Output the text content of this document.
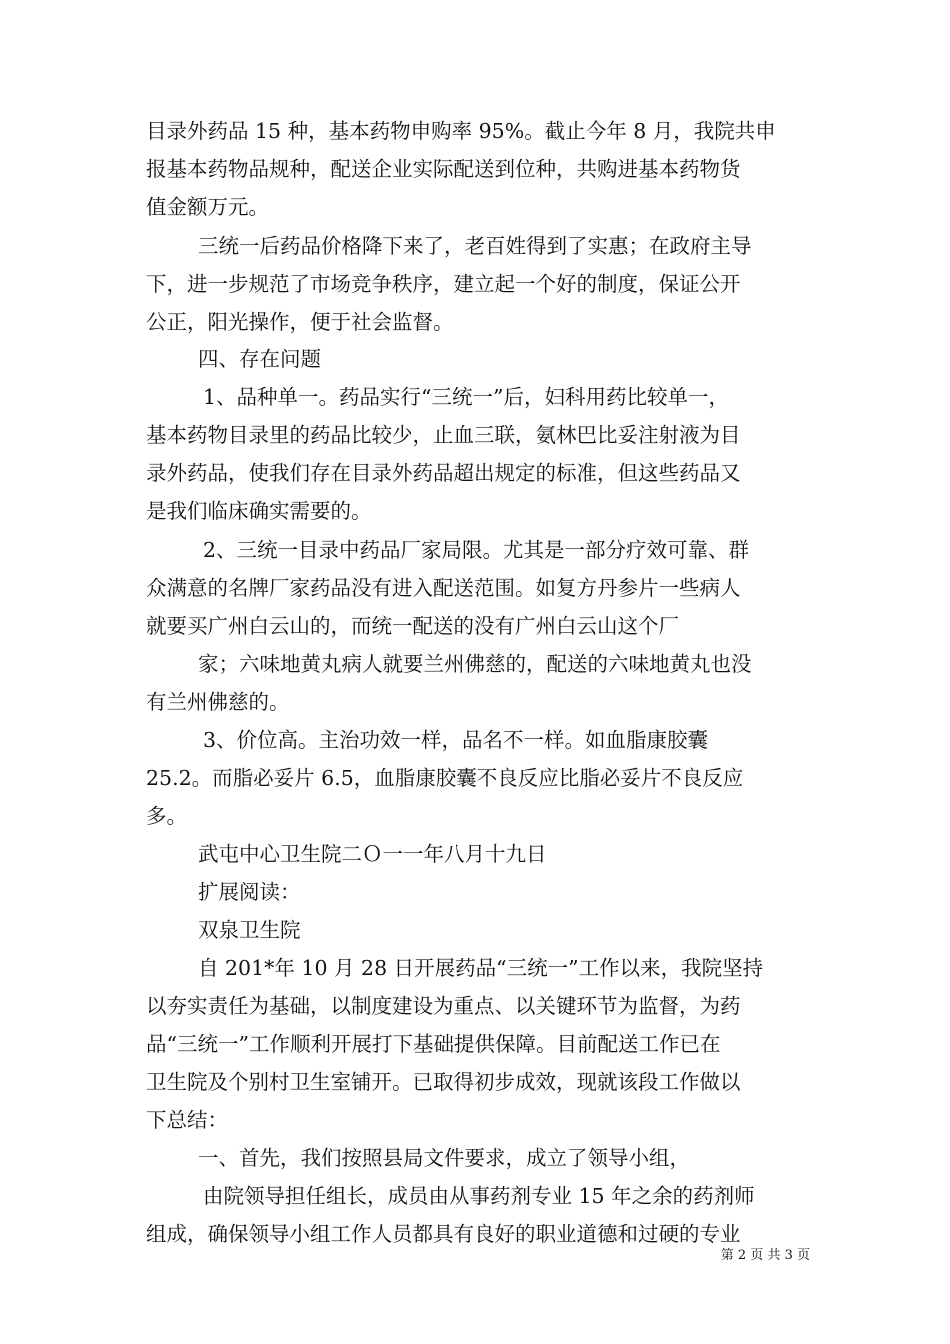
目录外药品 15 种，基本药物申购率 95%。截止今年 8 月，我院共申
报基本药物品规种，配送企业实际配送到位种，共购进基本药物货
值金额万元。
三统一后药品价格降下来了，老百姓得到了实惠；在政府主导
下，进一步规范了市场竞争秩序，建立起一个好的制度，保证公开
公正，阳光操作，便于社会监督。
四、存在问题
1、品种单一。药品实行“三统一”后，妇科用药比较单一，
基本药物目录里的药品比较少，止血三联，氨林巴比妥注射液为目
录外药品，使我们存在目录外药品超出规定的标准，但这些药品又
是我们临床确实需要的。
2、三统一目录中药品厂家局限。尤其是一部分疗效可靠、群
众满意的名牌厂家药品没有进入配送范围。如复方丹参片一些病人
就要买广州白云山的，而统一配送的没有广州白云山这个厂
家；六味地黄丸病人就要兰州佛慈的，配送的六味地黄丸也没
有兰州佛慈的。
3、价位高。主治功效一样，品名不一样。如血脂康胶囊
25.2。而脂必妥片 6.5，血脂康胶囊不良反应比脂必妥片不良反应
多。
武屯中心卫生院二Ｏ一一年八月十九日
扩展阅读：
双泉卫生院
自 201*年 10 月 28 日开展药品“三统一”工作以来，我院坚持
以夯实责任为基础，以制度建设为重点、以关键环节为监督，为药
品“三统一”工作顺利开展打下基础提供保障。目前配送工作已在
卫生院及个别村卫生室铺开。已取得初步成效，现就该段工作做以
下总结：
一、首先，我们按照县局文件要求，成立了领导小组，
由院领导担任组长，成员由从事药剂专业 15 年之余的药剂师
组成，确保领导小组工作人员都具有良好的职业道德和过硬的专业
第 2 页 共 3 页
